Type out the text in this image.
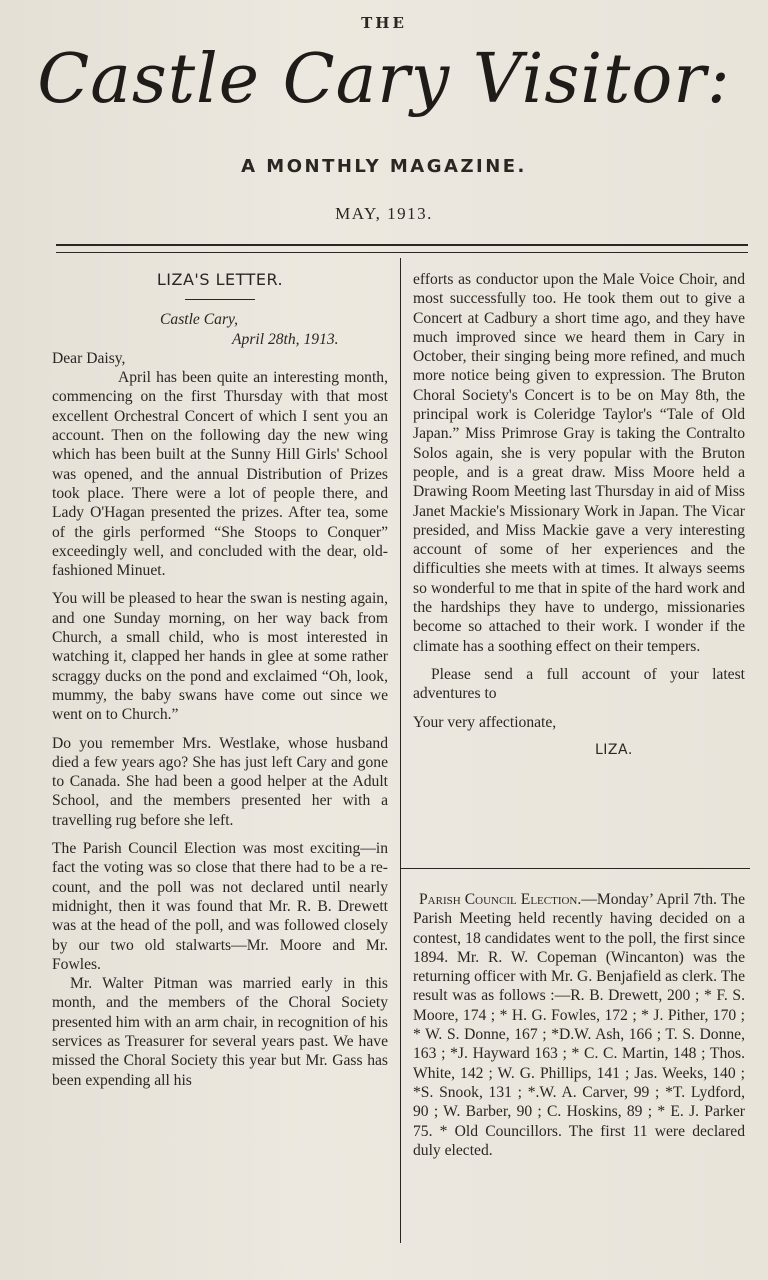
THE
Castle Cary Visitor:
A MONTHLY MAGAZINE.
MAY, 1913.
LIZA'S LETTER.

Castle Cary,

April 28th, 1913.

Dear Daisy,

April has been quite an interesting month, commencing on the first Thursday with that most excellent Orchestral Concert of which I sent you an account. Then on the following day the new wing which has been built at the Sunny Hill Girls' School was opened, and the annual Distribution of Prizes took place. There were a lot of people there, and Lady O'Hagan presented the prizes. After tea, some of the girls performed “She Stoops to Conquer” exceedingly well, and concluded with the dear, old-fashioned Minuet.

You will be pleased to hear the swan is nesting again, and one Sunday morning, on her way back from Church, a small child, who is most interested in watching it, clapped her hands in glee at some rather scraggy ducks on the pond and exclaimed “Oh, look, mummy, the baby swans have come out since we went on to Church.”

Do you remember Mrs. Westlake, whose husband died a few years ago? She has just left Cary and gone to Canada. She had been a good helper at the Adult School, and the members presented her with a travelling rug before she left.

The Parish Council Election was most exciting—in fact the voting was so close that there had to be a re-count, and the poll was not declared until nearly midnight, then it was found that Mr. R. B. Drewett was at the head of the poll, and was followed closely by our two old stalwarts—Mr. Moore and Mr. Fowles.

Mr. Walter Pitman was married early in this month, and the members of the Choral Society presented him with an arm chair, in recognition of his services as Treasurer for several years past. We have missed the Choral Society this year but Mr. Gass has been expending all his

efforts as conductor upon the Male Voice Choir, and most successfully too. He took them out to give a Concert at Cadbury a short time ago, and they have much improved since we heard them in Cary in October, their singing being more refined, and much more notice being given to expression. The Bruton Choral Society's Concert is to be on May 8th, the principal work is Coleridge Taylor's “Tale of Old Japan.” Miss Primrose Gray is taking the Contralto Solos again, she is very popular with the Bruton people, and is a great draw. Miss Moore held a Drawing Room Meeting last Thursday in aid of Miss Janet Mackie's Missionary Work in Japan. The Vicar presided, and Miss Mackie gave a very interesting account of some of her experiences and the difficulties she meets with at times. It always seems so wonderful to me that in spite of the hard work and the hardships they have to undergo, missionaries become so attached to their work. I wonder if the climate has a soothing effect on their tempers.

Please send a full account of your latest adventures to

Your very affectionate,

LIZA.

Parish Council Election.—Monday’ April 7th. The Parish Meeting held recently having decided on a contest, 18 candidates went to the poll, the first since 1894. Mr. R. W. Copeman (Wincanton) was the returning officer with Mr. G. Benjafield as clerk. The result was as follows :—R. B. Drewett, 200 ; * F. S. Moore, 174 ; * H. G. Fowles, 172 ; * J. Pither, 170 ; * W. S. Donne, 167 ; *D.W. Ash, 166 ; T. S. Donne, 163 ; *J. Hayward 163 ; * C. C. Martin, 148 ; Thos. White, 142 ; W. G. Phillips, 141 ; Jas. Weeks, 140 ; *S. Snook, 131 ; *.W. A. Carver, 99 ; *T. Lydford, 90 ; W. Barber, 90 ; C. Hoskins, 89 ; * E. J. Parker 75. * Old Councillors. The first 11 were declared duly elected.
